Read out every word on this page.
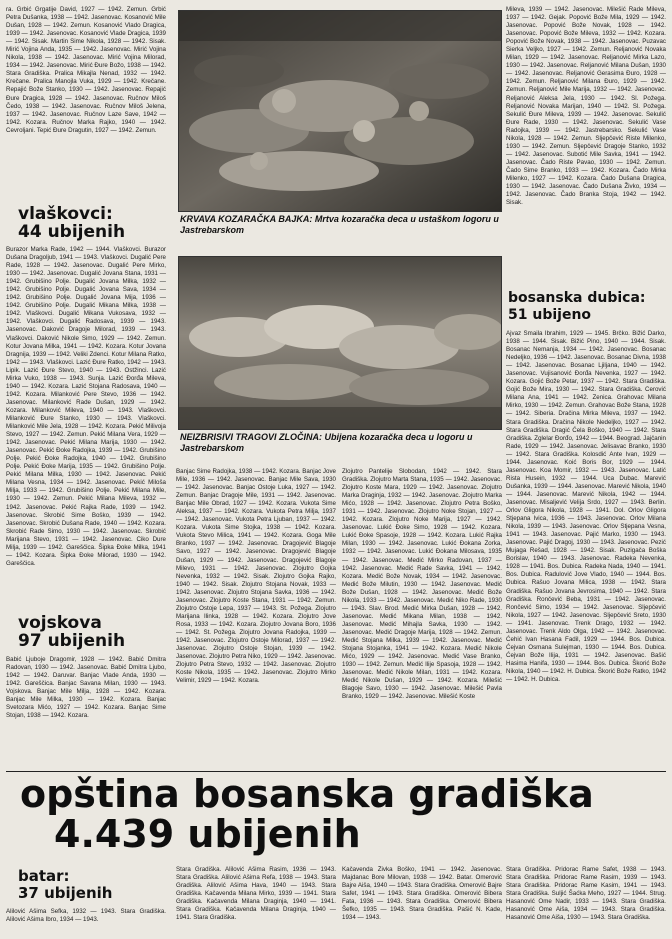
ra. Grbić Grgatije David, 1927 — 1942. Zemun. Grbić Petra Dušanka, 1938 — 1942. Jasenovac. Kosanović Mile Dušan, 1928 — 1942. Zemun. Kosanović Vlado Dragica, 1939 — 1942. Jasenovac. Kosanović Vlade Dragica, 1939 — 1942. Sisak. Martin Sime Nikola, 1928 — 1942. Sisak. Mirić Vojina Anda, 1935 — 1942. Jasenovac. Mirić Vojina Nikola, 1938 — 1942. Jasenovac. Mirić Vojina Milorad, 1934 — 1942. Jasenovac. Mirić Đure Božo, 1938 — 1942. Stara Gradiška. Pralica Mikajla Nenad, 1932 — 1942. Krečane. Pralica Manojla Vuka, 1929 — 1942. Krečane. Repajić Bože Stanko, 1930 — 1942. Jasenovac. Repajić Đure Dragica, 1928 — 1942. Jasenovac. Ručnov Miloš Čedo, 1938 — 1942. Jasenovac. Ručnov Miloš Jelena, 1937 — 1942. Jasenovac. Ručnov Laze Save, 1942 — 1942. Kozara. Ručnov Marka Rajko, 1940 — 1942. Cevroljani. Tepić Đure Dragutin, 1927 — 1942. Zemun.

vlaškovci:
44 ubijenih

Burazor Marka Rade, 1942 — 1944. Vlaškovci. Burazor Dušana Dragoljub, 1941 — 1943. Vlaškovci. Dugalić Pere Rade, 1928 — 1942. Jasenovac. Dugalić Pere Mirko, 1930 — 1942. Jasenovac. Dugalić Jovana Stana, 1931 — 1942. Grubišino Polje. Dugalić Jovana Milka, 1932 — 1942. Grubišino Polje. Dugalić Jovana Sava, 1934 — 1942. Grubišino Polje. Dugalić Jovana Mija, 1936 — 1942. Grubišino Polje. Dugalić Mikana Milka, 1938 — 1942. Vlaškovci. Dugalić Mikana Vukosava, 1932 — 1942. Vlaškovci. Dugalić Radosava, 1939 — 1943. Jasenovac. Daković Dragoje Milorad, 1939 — 1943. Vlaškovci. Daković Nikole Simo, 1929 — 1942. Zemun. Kotur Jovana Milka, 1941 — 1942. Kozara. Kotur Jovana Dragnija, 1939 — 1942. Veliki Zdenci. Kotur Milana Ratko, 1942 — 1943. Vlaškovci. Lazić Đure Ratko, 1942 — 1943. Lipik. Lazić Đure Stevo, 1940 — 1943. Ostžinci. Lazić Mirka Vuko, 1938 — 1943. Sunja. Lazić Đorđa Mileva, 1940 — 1942. Kozara. Lazić Stojana Radosava, 1940 — 1942. Kozara. Milanković Pere Stevo, 1936 — 1942. Jasenovac. Milanković Rade Dušan, 1929 — 1942. Kozara. Milanković Mileva, 1940 — 1943. Vlaškovci. Milanković Đure Stanko, 1930 — 1943. Vlaškovci. Milanković Mile Jela, 1928 — 1942. Kozara. Pekić Milivoja Stevo, 1927 — 1942. Zemun. Pekić Milana Vera, 1929 — 1942. Jasenovac. Pekić Milana Marija, 1930 — 1942. Jasenovac. Pekić Đoke Radojka, 1939 — 1942. Grubišino Polje. Pekić Đoke Radojka, 1940 — 1942. Grubišino Polje. Pekić Đoke Marija, 1935 — 1942. Grubišino Polje. Pekić Milana Milka, 1930 — 1942. Jasenovac. Pekić Milana Vesna, 1934 — 1942. Jasenovac. Pekić Miloša Milja, 1933 — 1942. Grubišino Polje. Pekić Milana Mile, 1930 — 1942. Zemun. Pekić Milana Mileva, 1932 — 1942. Jasenovac. Pekić Rajka Rade, 1939 — 1942. Jasenovac. Skrobić Sime Boško, 1939 — 1942. Jasenovac. Skrobić Dušana Rade, 1940 — 1942. Kozara. Skrobić Rade Simo, 1930 — 1942. Jasenovac. Skrobić Marijana Stevo, 1931 — 1942. Jasenovac. Ciko Dure Milja, 1939 — 1942. Gareščica. Šipka Đoke Milka, 1941 — 1942. Kozara. Šipka Đoke Milorad, 1930 — 1942. Gareščica.

vojskova
97 ubijenih

Babić Ljuboje Dragomir, 1928 — 1942. Babić Dmitra Radovan, 1930 — 1942. Jasenovac. Babić Dmitra Ljubo, 1942 — 1942. Daruvar. Banjac Vlade Anda, 1930 — 1942. Gareščica. Banjac Savana Milan, 1930 — 1943. Vojskova. Banjac Mile Milja, 1928 — 1942. Kozara. Banjac Mile Milka, 1930 — 1942. Kozara. Banjac Svetozara Mićo, 1927 — 1942. Kozara. Banjac Sime Stojan, 1938 — 1942. Kozara.

KRVAVA KOZARAČKA BAJKA: Mrtva kozaračka deca u ustaškom logoru u Jastrebarskom
NEIZBRISIVI TRAGOVI ZLOČINA: Ubijena kozaračka deca u logoru u Jastrebarskom

Banjac Sime Radojka, 1938 — 1942. Kozara. Banjac Jove Mile, 1936 — 1942. Jasenovac. Banjac Mile Sava, 1930 — 1942. Jasenovac. Banjac Ostoje Luka, 1927 — 1942. Zemun. Banjac Dragoje Mile, 1931 — 1942. Jasenovac. Banjac Mile Obrad, 1927 — 1942. Kozara. Vukota Sime Aleksa, 1937 — 1942. Kozara. Vukota Petra Milja, 1937 — 1942. Jasenovac. Vukota Petra Ljuban, 1937 — 1942. Kozara. Vukota Sime Stojka, 1938 — 1942. Kozara. Vukota Stevo Milica, 1941 — 1942. Kozara. Goga Mile Branko, 1937 — 1942. Jasenovac. Dragojević Blagoje Savo, 1927 — 1942. Jasenovac. Dragojević Blagoje Dušan, 1929 — 1942. Jasenovac. Dragojević Blagoje Milevo, 1931 — 1942. Jasenovac. Zlojutro Gojka Nevenka, 1932 — 1942. Sisak. Zlojutro Gojka Rajko, 1940 — 1942. Sisak. Zlojutro Stojana Novak, 1933 — 1942. Jasenovac. Zlojutro Stojana Savka, 1936 — 1942. Jasenovac. Zlojutro Koste Stana, 1931 — 1942. Zemun. Zlojutro Ostoje Lepa, 1937 — 1943. St. Požega. Zlojutro Marijana Ilinka, 1928 — 1942. Kozara. Zlojutro Jove Rosa, 1933 — 1942. Kozara. Zlojutro Jovana Boro, 1936 — 1942. St. Požega. Zlojutro Jovana Radojka, 1939 — 1942. Jasenovac. Zlojutro Ostoje Milorad, 1937 — 1942. Jasenovac. Zlojutro Ostoje Stojan, 1939 — 1942. Jasenovac. Zlojutro Petra Niko, 1929 — 1942. Jasenovac. Zlojutro Petra Stevo, 1932 — 1942. Jasenovac. Zlojutro Koste Nikola, 1935 — 1942. Jasenovac. Zlojutro Mirko Velimir, 1929 — 1942. Kozara.

Zlojutro Pantelije Slobodan, 1942 — 1942. Stara Gradiška. Zlojutro Marta Stana, 1935 — 1942. Jasenovac. Zlojutro Koste Mara, 1929 — 1942. Jasenovac. Zlojutro Marka Draginja, 1932 — 1942. Jasenovac. Zlojutro Marka Mićo, 1928 — 1942. Jasenovac. Zlojutro Petra Boško, 1931 — 1942. Jasenovac. Zlojutro Noke Stojan, 1927 — 1942. Kozara. Zlojutro Noke Marija, 1927 — 1942. Jasenovac. Lukić Đoke Simo, 1928 — 1942. Kozara. Lukić Đoke Spasoje, 1928 — 1942. Kozara. Lukić Rajka Milan, 1930 — 1942. Jasenovac. Lukić Đokana Zorka, 1932 — 1942. Jasenovac. Lukić Đokana Milosava, 1935 — 1942. Jasenovac. Medić Mirko Radovan, 1937 — 1942. Jasenovac. Medić Rade Savka, 1941 — 1942. Kozara. Medić Bože Novak, 1934 — 1942. Jasenovac. Medić Bože Milutin, 1930 — 1942. Jasenovac. Medić Bože Dušan, 1928 — 1942. Jasenovac. Medić Bože Nikola, 1933 — 1942. Jasenovac. Medić Niko Rade, 1930 — 1943. Slav. Brod. Medić Mirka Dušan, 1928 — 1942. Jasenovac. Medić Mikana Milan, 1938 — 1942. Jasenovac. Medić Mihajla Savka, 1930 — 1942. Jasenovac. Medić Dragoje Marija, 1928 — 1942. Zemun. Medić Stojana Milka, 1939 — 1942. Jasenovac. Medić Stojana Stojanka, 1941 — 1942. Kozara. Medić Nikole Mićo, 1929 — 1942. Jasenovac. Medić Vase Branko, 1930 — 1942. Zemun. Medić Ilije Spasoja, 1928 — 1942. Jasenovac. Medić Nikole Milan, 1931 — 1942. Kozara. Medić Nikole Dušan, 1929 — 1942. Kozara. Milešić Blagoje Savo, 1930 — 1942. Jasenovac. Milešić Pavla Branko, 1929 — 1942. Jasenovac. Milešić Koste

Mileva, 1939 — 1942. Jasenovac. Milešić Rade Mileva, 1937 — 1942. Gejak. Popović Bože Mila, 1929 — 1942. Jasenovac. Popović Bože Novak, 1928 — 1942. Jasenovac. Popović Bože Milevа, 1932 — 1942. Kozara. Popović Bože Novak, 1938 — 1942. Jasenovac. Puzavac Sierka Veljko, 1927 — 1942. Zemun. Reljanović Novaka Milan, 1929 — 1942. Jasenovac. Reljanović Mirka Lazo, 1930 — 1942. Jasenovac. Reljanović Milana Dušan, 1930 — 1942. Jasenovac. Reljanović Gerasima Đuro, 1928 — 1942. Zemun. Reljanović Milana Đuro, 1929 — 1942. Zemun. Reljanović Mile Marija, 1932 — 1942. Jasenovac. Reljanović Aleksa Jela, 1930 — 1942. Sl. Požega. Reljanović Novaka Marijan, 1940 — 1942. Sl. Požega. Sekulić Đure Mileva, 1939 — 1942. Jasenovac. Sekulić Đure Rade, 1930 — 1942. Jasenovac. Sekulić Vase Radojka, 1939 — 1942. Jastrebarsko. Sekulić Vase Nikola, 1928 — 1942. Zemun. Sljepčević Riste Milenko, 1930 — 1942. Zemun. Sljepčević Dragoje Stanko, 1932 — 1942. Jasenovac. Subotić Mile Savka, 1941 — 1942. Jasenovac. Čado Riste Pavao, 1930 — 1942. Zemun. Čado Sime Branko, 1933 — 1942. Kozara. Čado Mirka Milenko, 1927 — 1942. Kozara. Čado Dušana Dragica, 1930 — 1942. Jasenovac. Čado Dušana Živko, 1934 — 1942. Jasenovac. Čado Branka Stoja, 1942 — 1942. Sisak.

bosanska dubica:
51 ubijeno

Ajvaz Smaila Ibrahim, 1929 — 1945. Brčko. Bižić Darko, 1938 — 1944. Sisak. Bižić Pino, 1940 — 1944. Sisak. Bosanac Nemanja, 1934 — 1942. Jasenovac. Bosanac Nedeljko, 1936 — 1942. Jasenovac. Bosanac Divna, 1938 — 1942. Jasenovac. Bosanac Ljiljana, 1940 — 1942. Jasenovac. Vujisanović Đorđa Nevenka, 1927 — 1942. Kozara. Gojić Bože Petar, 1937 — 1942. Stara Gradiška. Gojić Bože Mira, 1930 — 1942. Stara Gradiška. Cerović Milana Ana, 1941 — 1942. Zenica. Grahovac Milana Mirko, 1930 — 1942. Zemun. Grahovac Bože Stana, 1928 — 1942. Siberia. Dračina Mirka Mileva, 1937 — 1942. Stara Gradiška. Dračina Nikole Nedeljko, 1927 — 1942. Stara Gradiška. Dragić Ćela Boško, 1940 — 1942. Stara Gradiška. Zglelar Đorđo, 1942 — 1944. Beograd. Jajčanin Rade, 1929 — 1942. Jasenovac. Jelisavac Branko, 1930 — 1942. Stara Gradiška. Kolosdić Ante Ivan, 1929 — 1944. Jasenovac. Koić Boris Bor, 1929 — 1944. Jasenovac. Koa Momir, 1932 — 1943. Jasenovac. Latić Rista Husein, 1932 — 1944. Uca Dubac. Marević Dušanka, 1939 — 1944. Jasenovac. Marević Nikola, 1940 — 1944. Jasenovac. Marević Nikola, 1942 — 1944. Jasenovac. Misaljević Velija Srdo, 1927 — 1943. Berlin. Orlov Gligora Nikola, 1928 — 1941. Dol. Orlov Gligora Stjepana Ivica, 1936 — 1943. Jasenovac. Orlov Milana Nikola, 1939 — 1943. Jasenovac. Orlov Stjepana Vesna, 1941 — 1943. Jasenovac. Pajić Marko, 1930 — 1943. Jasenovac. Pajić Dragoj, 1930 — 1943. Jasenovac. Pezić Mujaga Rešad, 1928 — 1942. Sisak. Puzigača Boška Borislav, 1940 — 1943. Jasenovac. Radeka Nevenka, 1928 — 1941. Bos. Dubica. Radeka Nada, 1940 — 1941. Bos. Dubica. Radulović Jove Vlado, 1940 — 1944. Bos. Dubica. Rašuo Jovana Milica, 1938 — 1942. Stara Gradiška. Rašuo Jovana Jevrosima, 1940 — 1942. Stara Gradiška. Rončević Beba, 1931 — 1942. Jasenovac. Rončević Simo, 1934 — 1942. Jasenovac. Sljepčević Nikola, 1927 — 1942. Jasenovac. Sljepčević Sreto, 1930 — 1941. Jasenovac. Trenk Drago, 1932 — 1942. Jasenovac. Trenk Aldo Olga, 1942 — 1942. Jasenovac. Ćehić Ivan Hasana Fadil, 1929 — 1944. Bos. Dubica. Ćejvan Osmana Sulejman, 1930 — 1944. Bos. Dubica. Ćejvan Bože Ilija, 1931 — 1942. Jasenovac. Bašić Hasima Hanifa, 1930 — 1944. Bos. Dubica. Škorić Bože Nikola, 1940 — 1942. H. Dubica. Škorić Bože Ratko, 1942 — 1942. H. Dubica.

opština bosanska gradiška
4.439 ubijenih
batar:
37 ubijenih

Alilović Ašima Šefka, 1932 — 1943. Stara Gradiška. Alilović Ašima Ibro, 1934 — 1943.

Stara Gradiška. Alilović Ašima Rasim, 1936 — 1943. Stara Gradiška. Alilović Ašima Refa, 1938 — 1943. Stara Gradiška. Alilović Ašima Hava, 1940 — 1943. Stara Gradiška. Kačavenda Milana Mirko, 1939 — 1941. Stara Gradiška. Kačavenda Milana Draginja, 1940 — 1941. Stara Gradiška. Kačavenda Milana Draginja, 1940 — 1941. Stara Gradiška.

Kačavenda Živka Boško, 1941 — 1942. Jasenovac. Majdanac Bore Milovan, 1938 — 1942. Batar. Omerović Bajre Aiša, 1940 — 1943. Stara Gradiška. Omerović Bajre Safet, 1941 — 1943. Stara Gradiška. Omerović Bibera Fata, 1936 — 1943. Stara Gradiška. Omerović Bibera Šefko, 1935 — 1943. Stara Gradiška. Pašić N. Kade, 1934 — 1943.

Stara Gradiška. Pridorac Rame Safet, 1938 — 1943. Stara Gradiška. Pridorac Rame Rasim, 1939 — 1943. Stara Gradiška. Pridorac Rame Kasim, 1941 — 1943. Stara Gradiška. Suljić Šaćka Meho, 1927 — 1944. Strug. Hasanović Ome Nadir, 1933 — 1943. Stara Gradiška. Hasanović Ome Aiša, 1934 — 1943. Stara Gradiška. Hasanović Ome Aiša, 1930 — 1943. Stara Gradiška.
